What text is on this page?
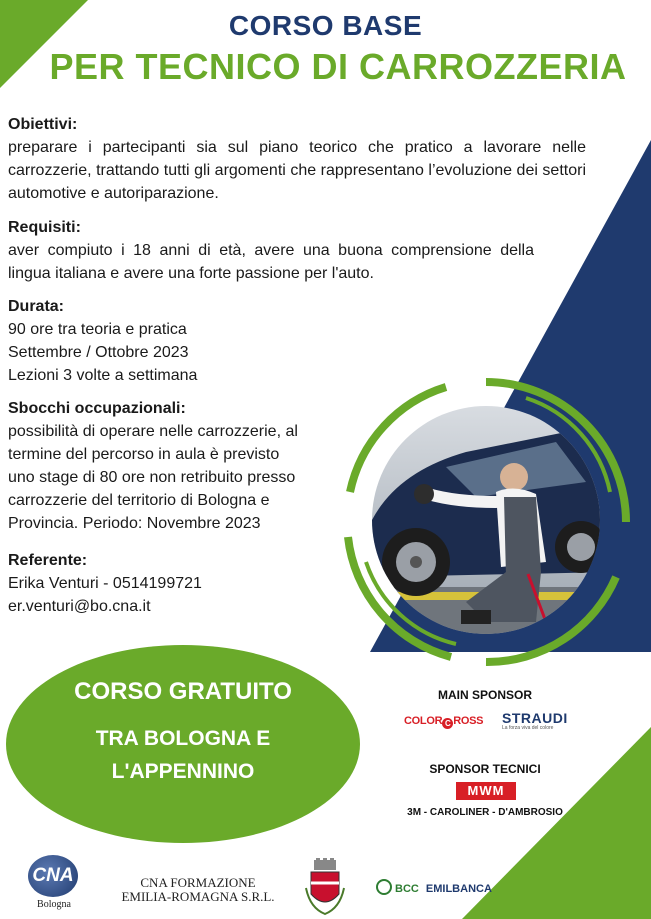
CORSO BASE
PER TECNICO DI CARROZZERIA
Obiettivi:

preparare i partecipanti sia sul piano teorico che pratico a lavorare nelle carrozzerie, trattando tutti gli argomenti che rappresentano l’evoluzione dei settori automotive e autoriparazione.

Requisiti:

aver compiuto i 18 anni di età, avere una buona comprensione della lingua italiana e avere una forte passione per l'auto.

Durata:
90 ore tra teoria e pratica
Settembre / Ottobre 2023
Lezioni 3 volte a settimana
Sbocchi occupazionali:
possibilità di operare nelle carrozzerie, al
termine del percorso in aula è previsto
uno stage di 80 ore non retribuito presso
carrozzerie del territorio di Bologna e
Provincia. Periodo: Novembre 2023
Referente:
Erika Venturi - 0514199721
er.venturi@bo.cna.it
CORSO GRATUITO
TRA BOLOGNA E
L'APPENNINO
MAIN SPONSOR
COLOR C ROSS STRAUDI
La forza viva del colore
SPONSOR TECNICI
MWM
3M - CAROLINER - D'AMBROSIO
CNA
Bologna
CNA FORMAZIONE
EMILIA-ROMAGNA S.R.L.	BCC EMILBANCA
